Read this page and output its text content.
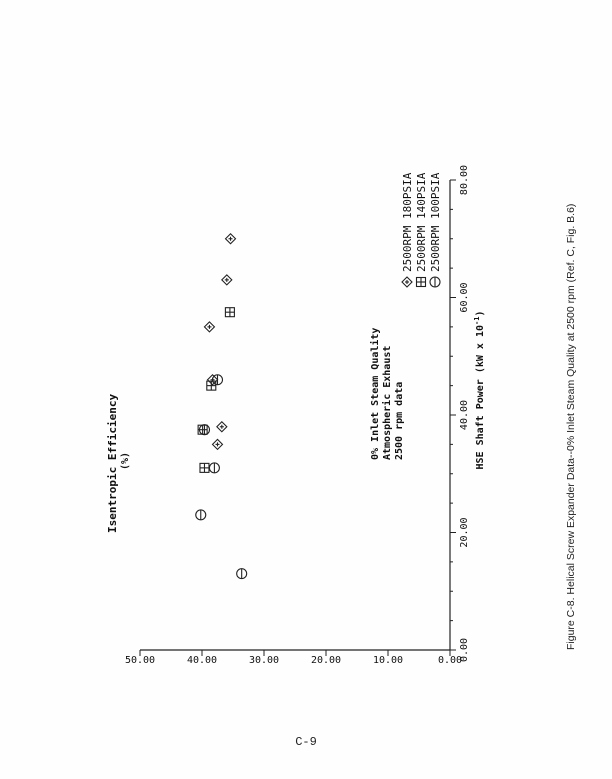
0.00
20.00
40.00
60.00
80.00
0.00
10.00
20.00
30.00
40.00
50.00
Isentropic Efficiency (%)	HSE Shaft Power (kW x $10^{-1}$)
0% Inlet Steam Quality Atmospheric Exhaust 2500 rpm data
2500RPM 180PSIA 2500RPM 140PSIA 2500RPM 100PSIA	Figure C-8. Helical Screw Expander Data--0% Inlet Steam Quality at 2500 rpm (Ref. C, Fig. B.6)
C-9
